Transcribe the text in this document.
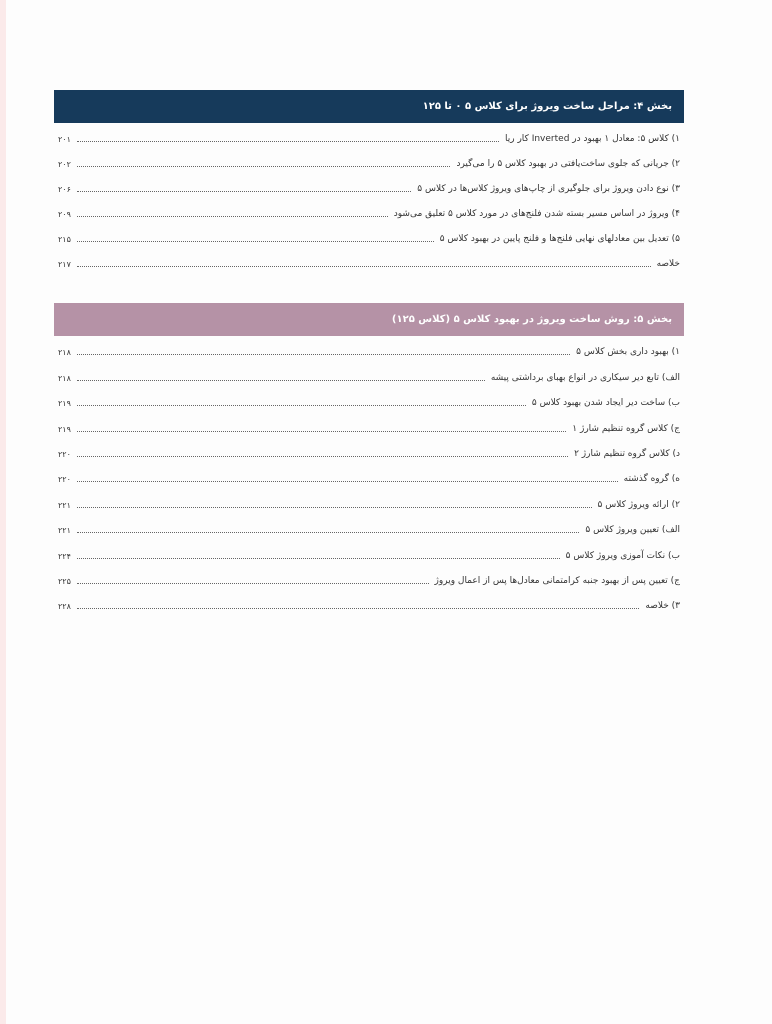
بخش ۴: مراحل ساخت ویروژ برای کلاس ۵ ۰ تا ۱۲۵
۱) کلاس ۵: معادل ۱ بهبود در Inverted کار ریا
۲۰۱
۲) جریانی که جلوی ساخت‌یافتی در بهبود کلاس ۵ را می‌گیرد
۲۰۲
۳) نوع دادن ویروژ برای جلوگیری از چاپ‌های ویروژ کلاس‌ها در کلاس ۵
۲۰۶
۴) ویروژ در اساس مسیر بسته شدن فلنج‌های در مورد کلاس ۵ تعلیق می‌شود
۲۰۹
۵) تعدیل بین معادلهای نهایی فلنج‌ها و فلنج پایین در بهبود کلاس ۵
۲۱۵
خلاصه
۲۱۷
بخش ۵: روش ساخت ویروژ در بهبود کلاس ۵ (کلاس ۱۲۵)
۱) بهبود داری بخش کلاس ۵
۲۱۸
الف) تابع دیر سیکاری در انواع بهبای برداشتی پیشه
۲۱۸
ب) ساخت دیر ایجاد شدن بهبود کلاس ۵
۲۱۹
ج) کلاس گروه تنظیم شارژ ۱
۲۱۹
د) کلاس گروه تنظیم شارژ ۲
۲۲۰
ه) گروه گذشته
۲۲۰
۲) ارائه ویروژ کلاس ۵
۲۲۱
الف) تعیین ویروژ کلاس ۵
۲۲۱
ب) نکات آموزی ویروژ کلاس ۵
۲۲۴
ج) تعیین پس از بهبود جنبه کرامتمانی معادل‌ها پس از اعمال ویروژ
۲۲۵
۳) خلاصه
۲۲۸
